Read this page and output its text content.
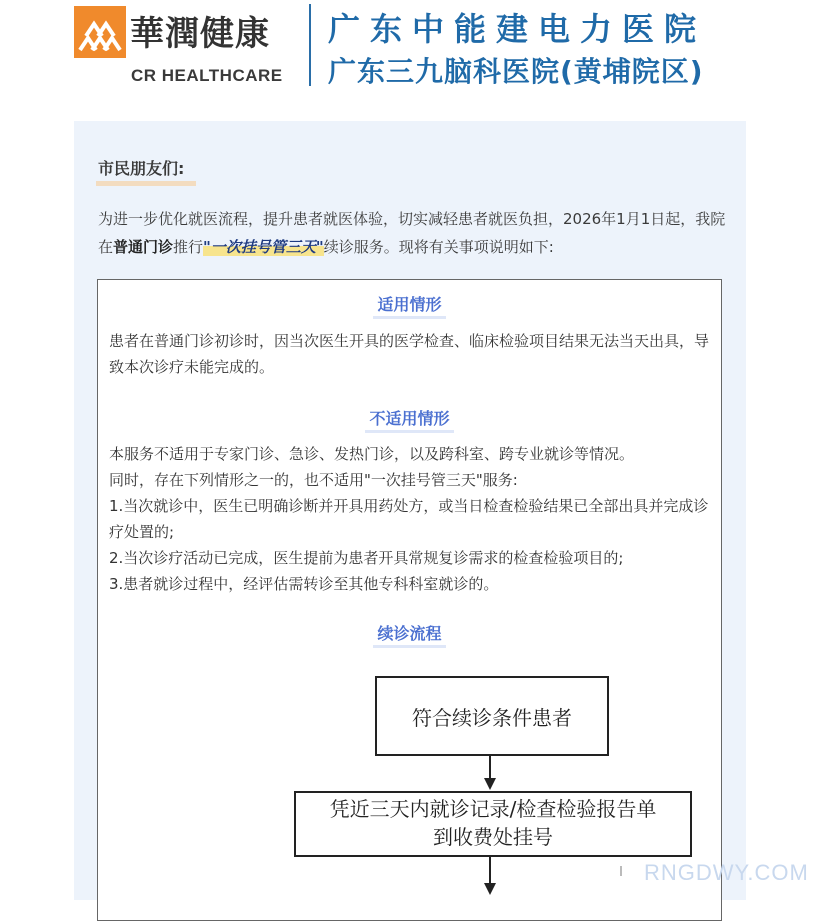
華潤健康
CR HEALTHCARE
广东中能建电力医院
广东三九脑科医院(黄埔院区)
市民朋友们:
为进一步优化就医流程，提升患者就医体验，切实减轻患者就医负担，2026年1月1日起，我院在普通门诊推行"一次挂号管三天"续诊服务。现将有关事项说明如下:
适用情形
患者在普通门诊初诊时，因当次医生开具的医学检查、临床检验项目结果无法当天出具，导致本次诊疗未能完成的。
不适用情形
本服务不适用于专家门诊、急诊、发热门诊，以及跨科室、跨专业就诊等情况。
同时，存在下列情形之一的，也不适用"一次挂号管三天"服务:
1.当次就诊中，医生已明确诊断并开具用药处方，或当日检查检验结果已全部出具并完成诊疗处置的;
2.当次诊疗活动已完成，医生提前为患者开具常规复诊需求的检查检验项目的;
3.患者就诊过程中，经评估需转诊至其他专科科室就诊的。
续诊流程
符合续诊条件患者
凭近三天内就诊记录/检查检验报告单
到收费处挂号
RNGDWY.COM
